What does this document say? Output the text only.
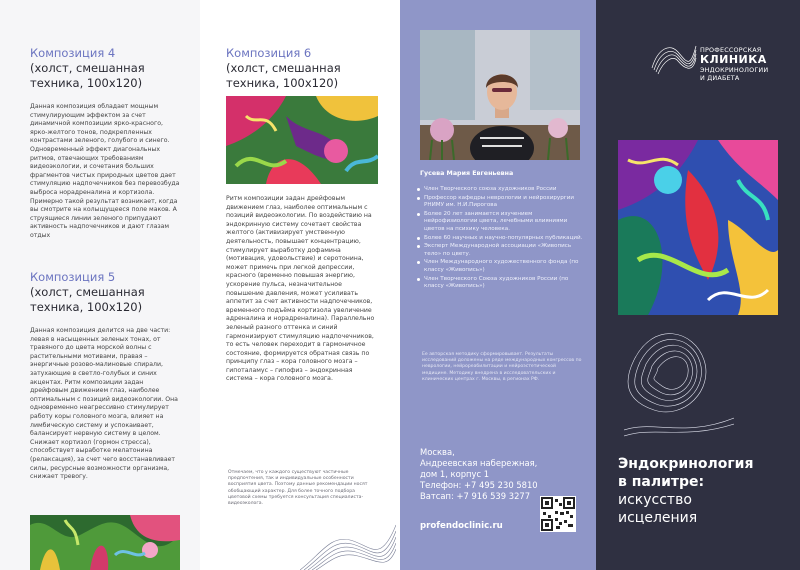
Композиция 4
(холст, смешанная техника, 100х120)
Данная композиция обладает мощным стимулирующим эффектом за счет динамичной композиции ярко-красного, ярко-желтого тонов, подкрепленных контрастами зеленого, голубого и синего. Одновременный эффект диагональных ритмов, отвечающих требованиям видеоэкологии, и сочетания больших фрагментов чистых природных цветов дает стимуляцию надпочечников без перевозбуда выброса норадреналина и кортизола. Примерно такой результат возникает, когда вы смотрите на колыщущееся поле маков. А струящиеся линии зеленого припудают активность надпочечников и дают глазам отдых
Композиция 5
(холст, смешанная техника, 100х120)
Данная композиция делится на две части: левая в насыщенных зеленых тонах, от травяного до цвета морской волны с растительными мотивами, правая – энергичные розово-малиновые спирали, затухающие в светло-голубых и синих акцентах. Ритм композиции задан дрейфовым движением глаз, наиболее оптимальным с позиций видеоэкологии. Она одновременно неагрессивно стимулирует работу коры головного мозга, влияет на лимбическую систему и успокаивает, балансирует нервную систему в целом. Снижает кортизол (гормон стресса), способствует выработке мелатонина (релаксация), за счет чего восстанавливает силы, ресурсные возможности организма, снижает тревогу.
Композиция 6
(холст, смешанная техника, 100х120)
Ритм композиции задан дрейфовым движением глаз, наиболее оптимальным с позиций видеоэкологии. По воздействию на эндокринную систему сочетает свойства желтого (активизирует умственную деятельность, повышает концентрацию, стимулирует выработку дофамина (мотивация, удовольствие) и серотонина, может примечь при легкой депрессии, красного (временно повышая энергию, ускорение пульса, незначительное повышение давления, может усиливать аппетит за счет активности надпочечников, временного подъёма кортизола увеличение адреналина и норадреналина). Параллельно зеленый разного оттенка и синий гармонизируют стимуляцию надпочечников, то есть человек переходит в гармоничное состояние, формируется обратная связь по принципу глаз – кора головного мозга – гипоталамус – гипофиз – эндокринная система – кора головного мозга.
Отмечаем, что у каждого существуют частичные предпочтения, так и индивидуальные особенности восприятия цвета. Поэтому данные рекомендации носят обобщающий характер. Для более точного подбора цветовой схемы требуется консультация специалиста-видеоэколога.
Гусева Мария Евгеньевна
Член Творческого союза художников России
Профессор кафедры неврологии и нейрохирургии РНИМУ им. Н.И.Пирогова
Более 20 лет занимается изучением нейрофизиологии цвета, лечебными влияниями цветов на психику человека.
Более 60 научных и научно-популярных публикаций.
Эксперт Международной ассоциации «Живопись тело» по цвету.
Член Международного художественного фонда (по классу «Живопись»)
Член Творческого Союза художников России (по классу «Живопись»)
Ее авторская методику сформировывает. Результаты исследований доложены на ряде международных конгрессов по неврологии, нейрореабилитации и нейроэстетической медицине. Методику внедрена в исследовательских и клинических центрах г. Москвы, в регионах РФ.
Москва,
Андреевская набережная,
дом 1, корпус 1
Телефон: +7 495 230 5810
Ватсап: +7 916 539 3277
profendoclinic.ru
ПРОФЕССОРСКАЯ
КЛИНИКА
ЭНДОКРИНОЛОГИИ
И ДИАБЕТА
Эндокринология
в палитре:
искусство
исцеления
